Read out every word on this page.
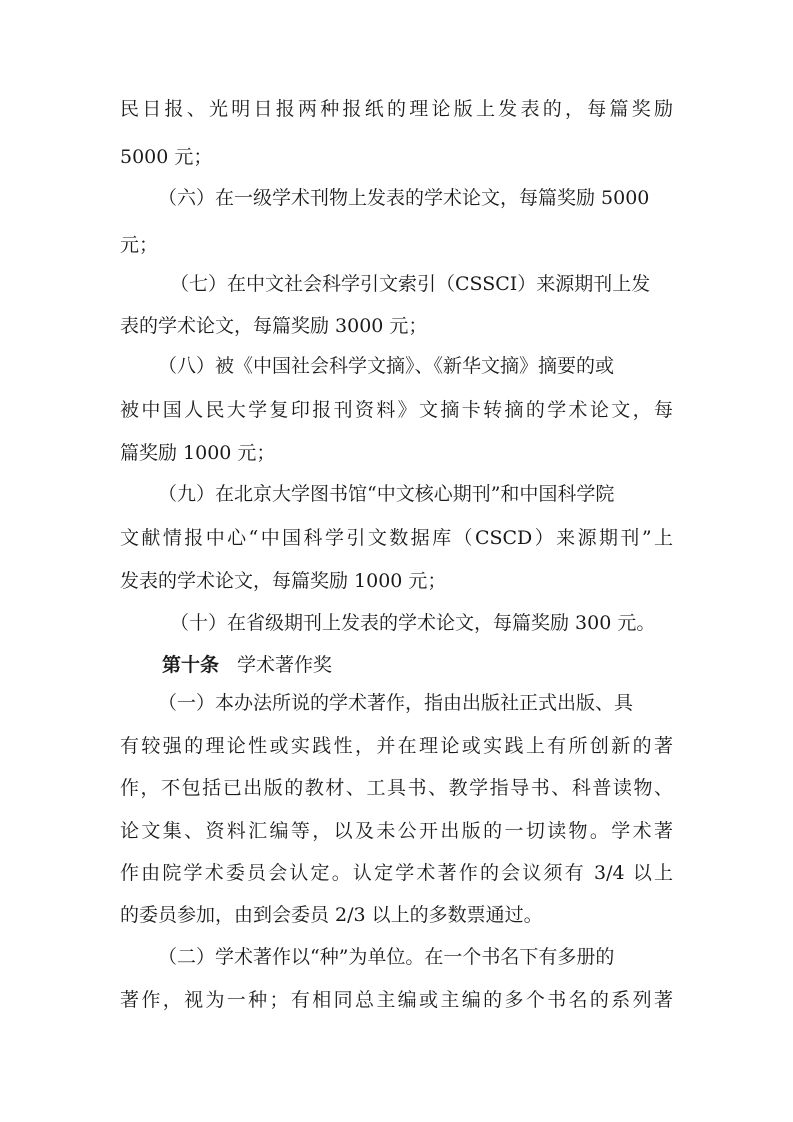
民日报、光明日报两种报纸的理论版上发表的，每篇奖励

5000 元；

（六）在一级学术刊物上发表的学术论文，每篇奖励 5000

元；

（七）在中文社会科学引文索引（CSSCI）来源期刊上发

表的学术论文，每篇奖励 3000 元；

（八）被《中国社会科学文摘》、《新华文摘》摘要的或

被中国人民大学复印报刊资料》文摘卡转摘的学术论文，每

篇奖励 1000 元；

（九）在北京大学图书馆“中文核心期刊”和中国科学院

文献情报中心“中国科学引文数据库（CSCD）来源期刊”上

发表的学术论文，每篇奖励 1000 元；

（十）在省级期刊上发表的学术论文，每篇奖励 300 元。

第十条 学术著作奖

（一）本办法所说的学术著作，指由出版社正式出版、具

有较强的理论性或实践性，并在理论或实践上有所创新的著

作，不包括已出版的教材、工具书、教学指导书、科普读物、

论文集、资料汇编等，以及未公开出版的一切读物。学术著

作由院学术委员会认定。认定学术著作的会议须有 3/4 以上

的委员参加，由到会委员 2/3 以上的多数票通过。

（二）学术著作以“种”为单位。在一个书名下有多册的

著作，视为一种；有相同总主编或主编的多个书名的系列著
